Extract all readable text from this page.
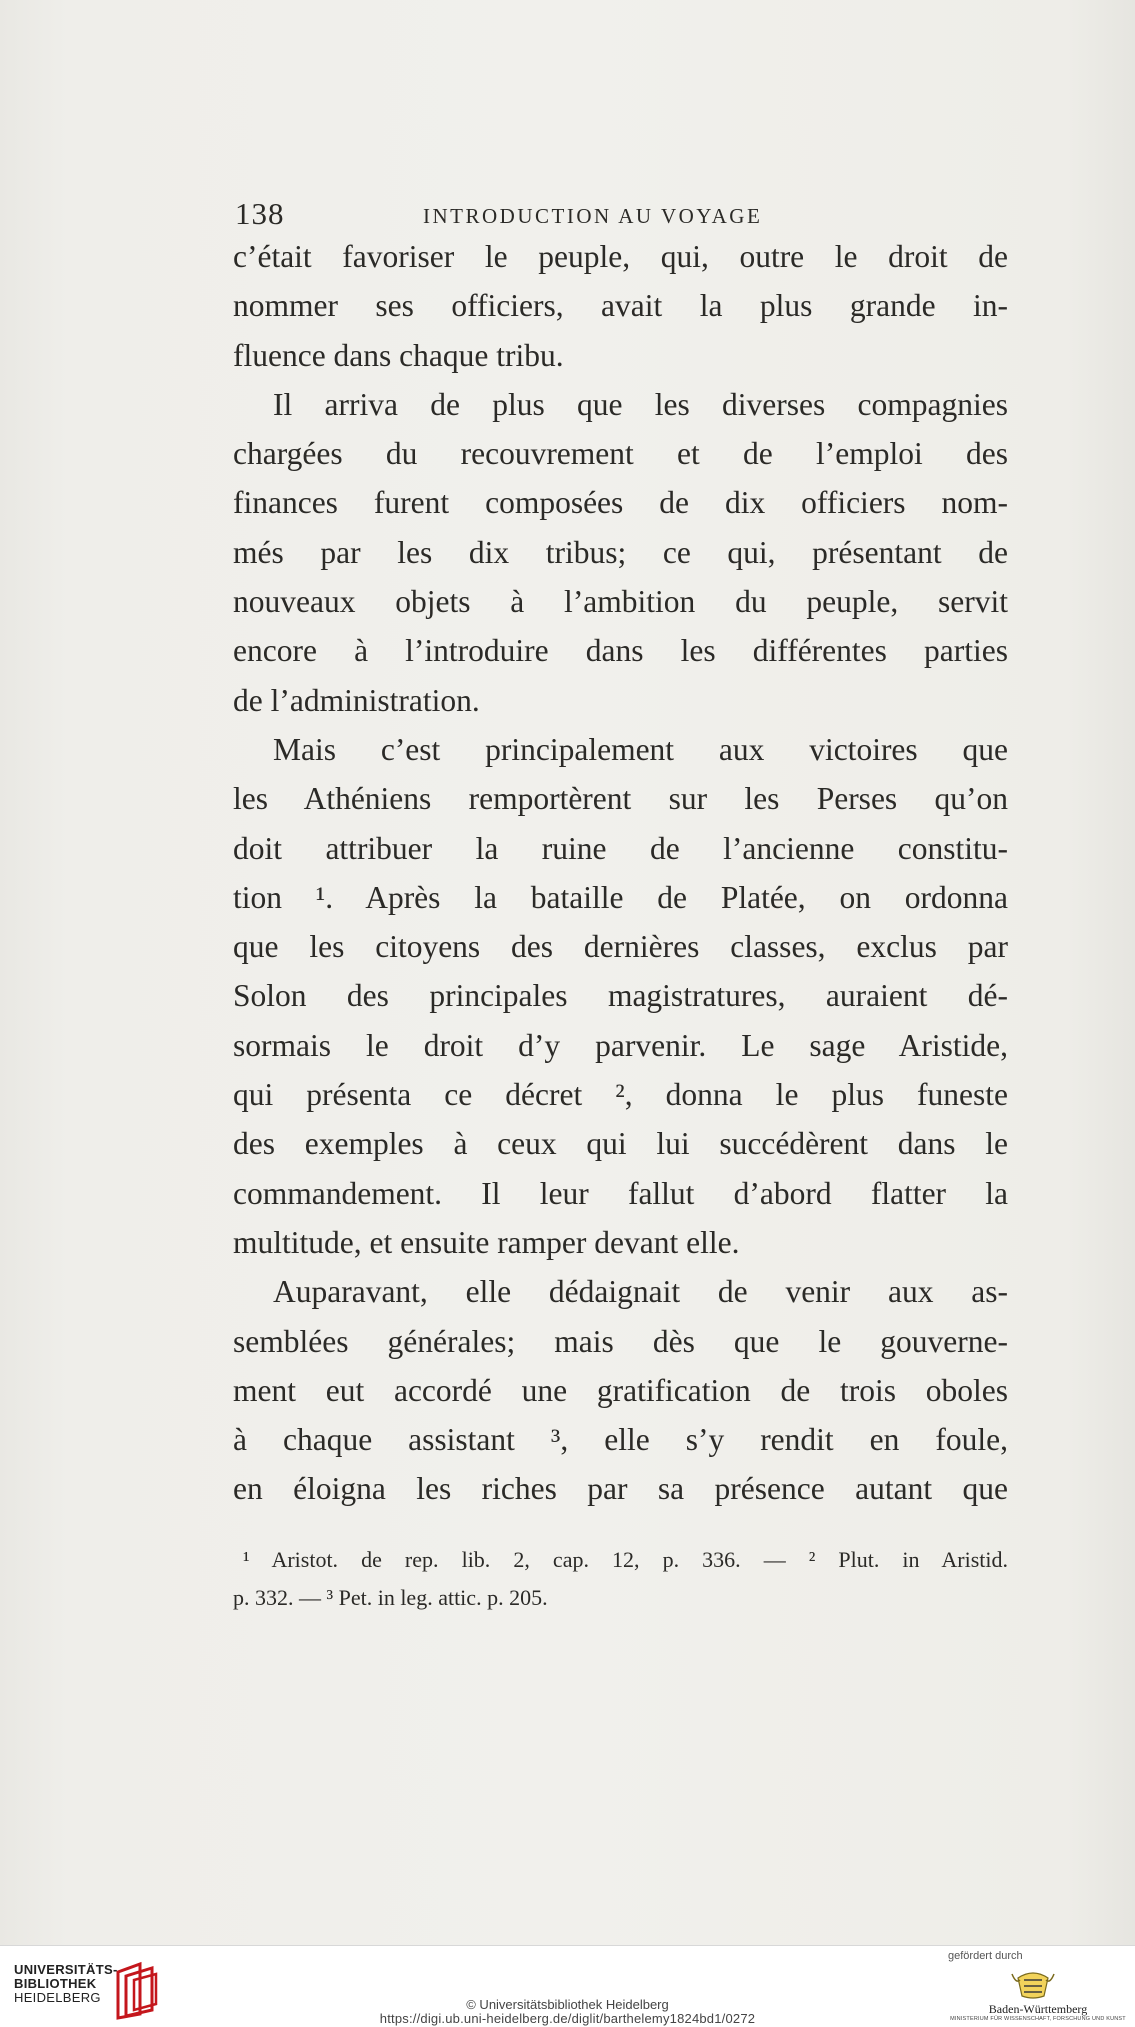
138	INTRODUCTION AU VOYAGE
c’était favoriser le peuple, qui, outre le droit de
nommer ses officiers, avait la plus grande in-
fluence dans chaque tribu.
Il arriva de plus que les diverses compagnies
chargées du recouvrement et de l’emploi des
finances furent composées de dix officiers nom-
més par les dix tribus; ce qui, présentant de
nouveaux objets à l’ambition du peuple, servit
encore à l’introduire dans les différentes parties
de l’administration.
Mais c’est principalement aux victoires que
les Athéniens remportèrent sur les Perses qu’on
doit attribuer la ruine de l’ancienne constitu-
tion ¹. Après la bataille de Platée, on ordonna
que les citoyens des dernières classes, exclus par
Solon des principales magistratures, auraient dé-
sormais le droit d’y parvenir. Le sage Aristide,
qui présenta ce décret ², donna le plus funeste
des exemples à ceux qui lui succédèrent dans le
commandement. Il leur fallut d’abord flatter la
multitude, et ensuite ramper devant elle.
Auparavant, elle dédaignait de venir aux as-
semblées générales; mais dès que le gouverne-
ment eut accordé une gratification de trois oboles
à chaque assistant ³, elle s’y rendit en foule,
en éloigna les riches par sa présence autant que
¹ Aristot. de rep. lib. 2, cap. 12, p. 336. — ² Plut. in Aristid.
p. 332. — ³ Pet. in leg. attic. p. 205.
UNIVERSITÄTS-
BIBLIOTHEK
HEIDELBERG	© Universitätsbibliothek Heidelberg
https://digi.ub.uni-heidelberg.de/diglit/barthelemy1824bd1/0272
gefördert durch
Baden-Württemberg
MINISTERIUM FÜR WISSENSCHAFT, FORSCHUNG UND KUNST
